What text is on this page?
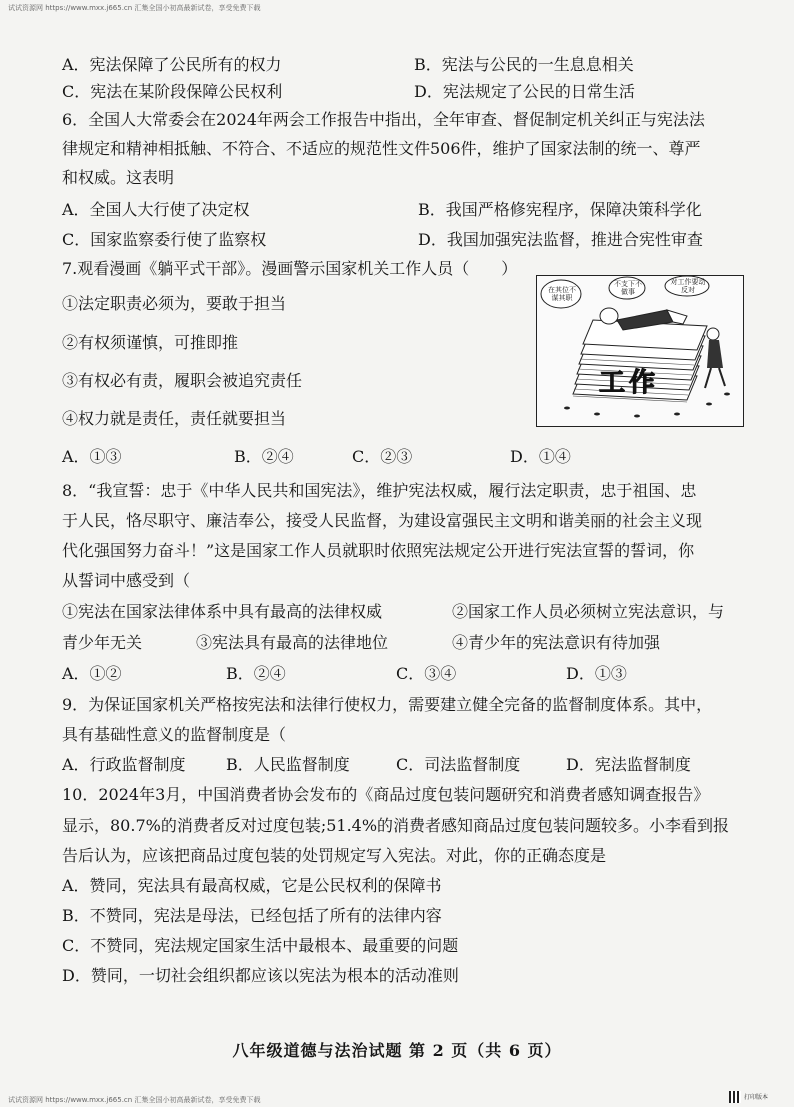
试试资源网 https://www.mxx.j665.cn 汇集全国小初高最新试卷，享受免费下载
A．宪法保障了公民所有的权力	B．宪法与公民的一生息息相关
C．宪法在某阶段保障公民权利	D．宪法规定了公民的日常生活
6．全国人大常委会在2024年两会工作报告中指出，全年审查、督促制定机关纠正与宪法法
律规定和精神相抵触、不符合、不适应的规范性文件506件，维护了国家法制的统一、尊严
和权威。这表明
A．全国人大行使了决定权	B．我国严格修宪程序，保障决策科学化
C．国家监察委行使了监察权	D．我国加强宪法监督，推进合宪性审查
7.观看漫画《躺平式干部》。漫画警示国家机关工作人员（　　）
①法定职责必须为，要敢于担当
②有权须谨慎，可推即推
③有权必有责，履职会被追究责任
④权力就是责任，责任就要担当
A．①③	B．②④	C．②③	D．①④
在其位不谋其职
不支下不做事
对工作要动反对
工作
8．“我宣誓：忠于《中华人民共和国宪法》，维护宪法权威，履行法定职责，忠于祖国、忠
于人民，恪尽职守、廉洁奉公，接受人民监督，为建设富强民主文明和谐美丽的社会主义现
代化强国努力奋斗！”这是国家工作人员就职时依照宪法规定公开进行宪法宣誓的誓词，你
从誓词中感受到（
①宪法在国家法律体系中具有最高的法律权威	②国家工作人员必须树立宪法意识，与
青少年无关	③宪法具有最高的法律地位	④青少年的宪法意识有待加强
A．①②	B．②④	C．③④	D．①③
9．为保证国家机关严格按宪法和法律行使权力，需要建立健全完备的监督制度体系。其中，
具有基础性意义的监督制度是（
A．行政监督制度	B．人民监督制度	C．司法监督制度	D．宪法监督制度
10．2024年3月，中国消费者协会发布的《商品过度包装问题研究和消费者感知调查报告》
显示，80.7%的消费者反对过度包装;51.4%的消费者感知商品过度包装问题较多。小李看到报
告后认为，应该把商品过度包装的处罚规定写入宪法。对此，你的正确态度是
A．赞同，宪法具有最高权威，它是公民权利的保障书
B．不赞同，宪法是母法，已经包括了所有的法律内容
C．不赞同，宪法规定国家生活中最根本、最重要的问题
D．赞同，一切社会组织都应该以宪法为根本的活动准则
八年级道德与法治试题 第 2 页（共 6 页）
试试资源网 https://www.mxx.j665.cn 汇集全国小初高最新试卷，享受免费下载	打印版本
